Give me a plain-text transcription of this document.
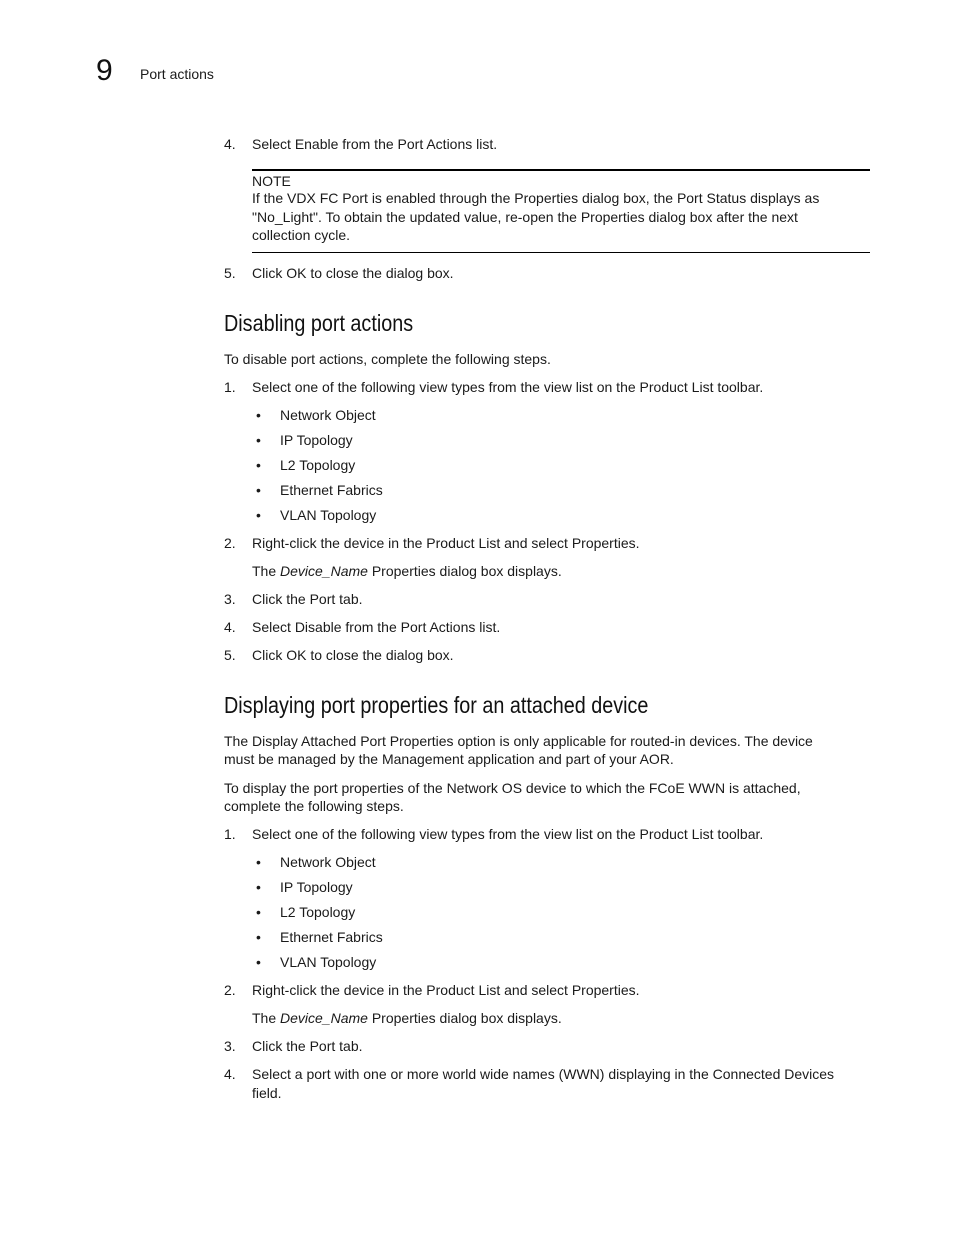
9 Port actions
4. Select Enable from the Port Actions list.
NOTE
If the VDX FC Port is enabled through the Properties dialog box, the Port Status displays as
"No_Light". To obtain the updated value, re-open the Properties dialog box after the next
collection cycle.
5. Click OK to close the dialog box.
Disabling port actions
To disable port actions, complete the following steps.
1. Select one of the following view types from the view list on the Product List toolbar.
• Network Object
• IP Topology
• L2 Topology
• Ethernet Fabrics
• VLAN Topology
2. Right-click the device in the Product List and select Properties.
The Device_Name Properties dialog box displays.
3. Click the Port tab.
4. Select Disable from the Port Actions list.
5. Click OK to close the dialog box.
Displaying port properties for an attached device
The Display Attached Port Properties option is only applicable for routed-in devices. The device
must be managed by the Management application and part of your AOR.
To display the port properties of the Network OS device to which the FCoE WWN is attached,
complete the following steps.
1. Select one of the following view types from the view list on the Product List toolbar.
• Network Object
• IP Topology
• L2 Topology
• Ethernet Fabrics
• VLAN Topology
2. Right-click the device in the Product List and select Properties.
The Device_Name Properties dialog box displays.
3. Click the Port tab.
4. Select a port with one or more world wide names (WWN) displaying in the Connected Devices
field.
